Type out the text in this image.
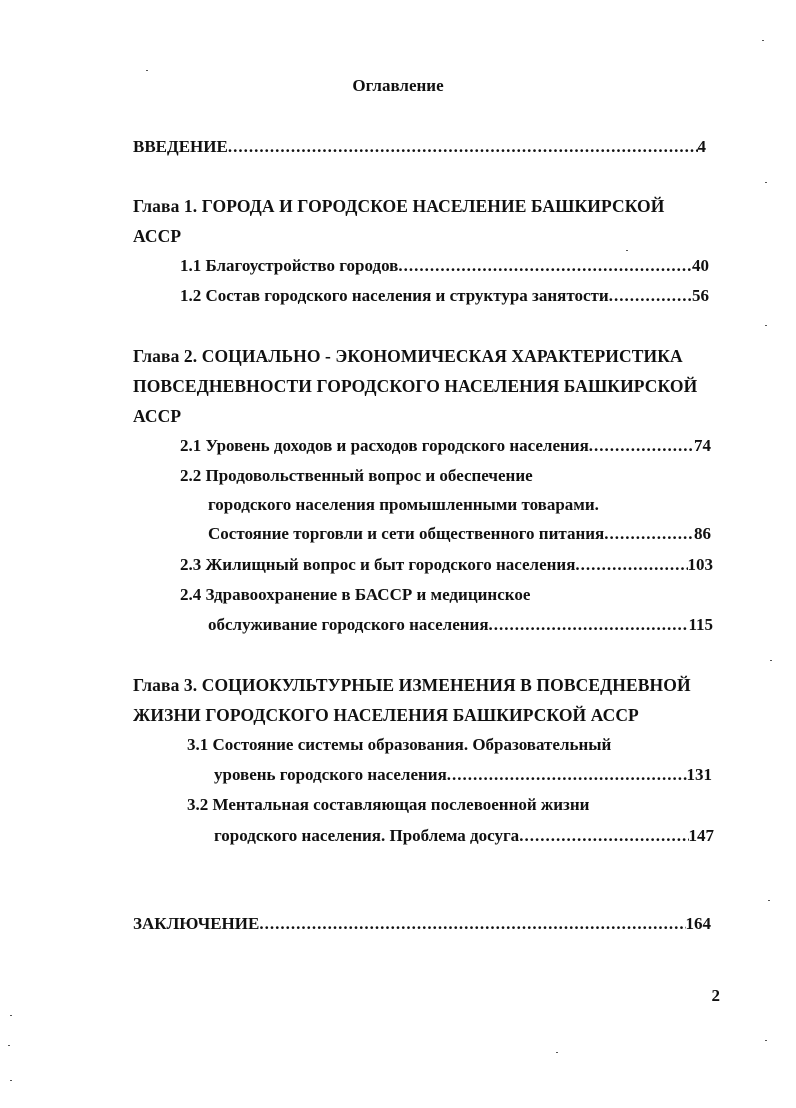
Оглавление
ВВЕДЕНИЕ .....	4
Глава 1. ГОРОДА И ГОРОДСКОЕ НАСЕЛЕНИЕ БАШКИРСКОЙ
АССР
1.1 Благоустройство городов .....	40
1.2 Состав городского населения и структура занятости .....	56
Глава 2. СОЦИАЛЬНО - ЭКОНОМИЧЕСКАЯ ХАРАКТЕРИСТИКА
ПОВСЕДНЕВНОСТИ ГОРОДСКОГО НАСЕЛЕНИЯ БАШКИРСКОЙ
АССР
2.1 Уровень доходов и расходов городского населения .....	74
2.2 Продовольственный вопрос и обеспечение
городского населения промышленными товарами.
Состояние торговли и сети общественного питания .....	86
2.3 Жилищный вопрос и быт городского населения .....	103
2.4 Здравоохранение в БАССР и медицинское
обслуживание городского населения .....	115
Глава 3. СОЦИОКУЛЬТУРНЫЕ ИЗМЕНЕНИЯ В ПОВСЕДНЕВНОЙ
ЖИЗНИ ГОРОДСКОГО НАСЕЛЕНИЯ БАШКИРСКОЙ АССР
3.1 Состояние системы образования. Образовательный
уровень городского населения .....	131
3.2 Ментальная составляющая послевоенной жизни
городского населения. Проблема досуга .....	147
ЗАКЛЮЧЕНИЕ .....	164
2
